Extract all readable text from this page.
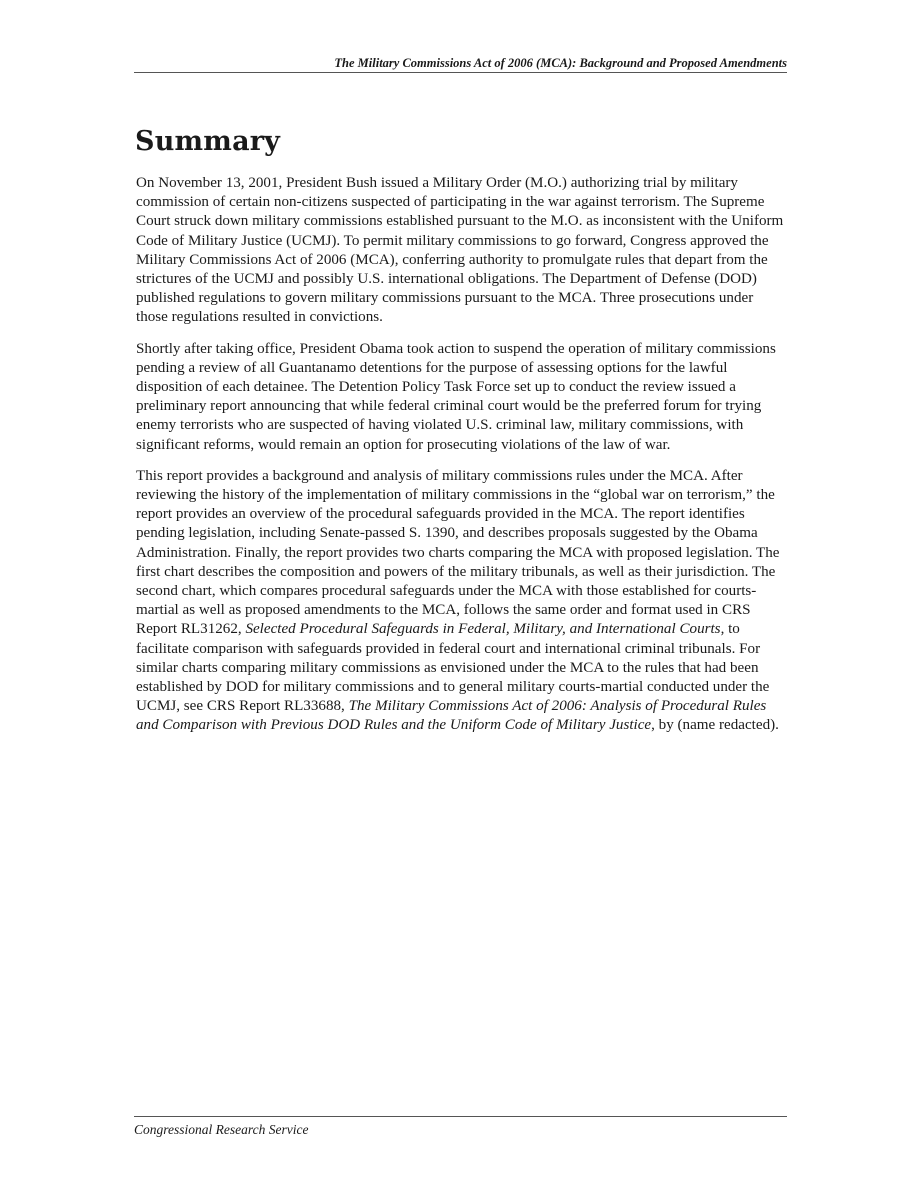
The Military Commissions Act of 2006 (MCA): Background and Proposed Amendments
Summary

On November 13, 2001, President Bush issued a Military Order (M.O.) authorizing trial by military commission of certain non-citizens suspected of participating in the war against terrorism. The Supreme Court struck down military commissions established pursuant to the M.O. as inconsistent with the Uniform Code of Military Justice (UCMJ). To permit military commissions to go forward, Congress approved the Military Commissions Act of 2006 (MCA), conferring authority to promulgate rules that depart from the strictures of the UCMJ and possibly U.S. international obligations. The Department of Defense (DOD) published regulations to govern military commissions pursuant to the MCA. Three prosecutions under those regulations resulted in convictions.

Shortly after taking office, President Obama took action to suspend the operation of military commissions pending a review of all Guantanamo detentions for the purpose of assessing options for the lawful disposition of each detainee. The Detention Policy Task Force set up to conduct the review issued a preliminary report announcing that while federal criminal court would be the preferred forum for trying enemy terrorists who are suspected of having violated U.S. criminal law, military commissions, with significant reforms, would remain an option for prosecuting violations of the law of war.

This report provides a background and analysis of military commissions rules under the MCA. After reviewing the history of the implementation of military commissions in the “global war on terrorism,” the report provides an overview of the procedural safeguards provided in the MCA. The report identifies pending legislation, including Senate-passed S. 1390, and describes proposals suggested by the Obama Administration. Finally, the report provides two charts comparing the MCA with proposed legislation. The first chart describes the composition and powers of the military tribunals, as well as their jurisdiction. The second chart, which compares procedural safeguards under the MCA with those established for courts-martial as well as proposed amendments to the MCA, follows the same order and format used in CRS Report RL31262, Selected Procedural Safeguards in Federal, Military, and International Courts, to facilitate comparison with safeguards provided in federal court and international criminal tribunals. For similar charts comparing military commissions as envisioned under the MCA to the rules that had been established by DOD for military commissions and to general military courts-martial conducted under the UCMJ, see CRS Report RL33688, The Military Commissions Act of 2006: Analysis of Procedural Rules and Comparison with Previous DOD Rules and the Uniform Code of Military Justice, by (name redacted).

Congressional Research Service
